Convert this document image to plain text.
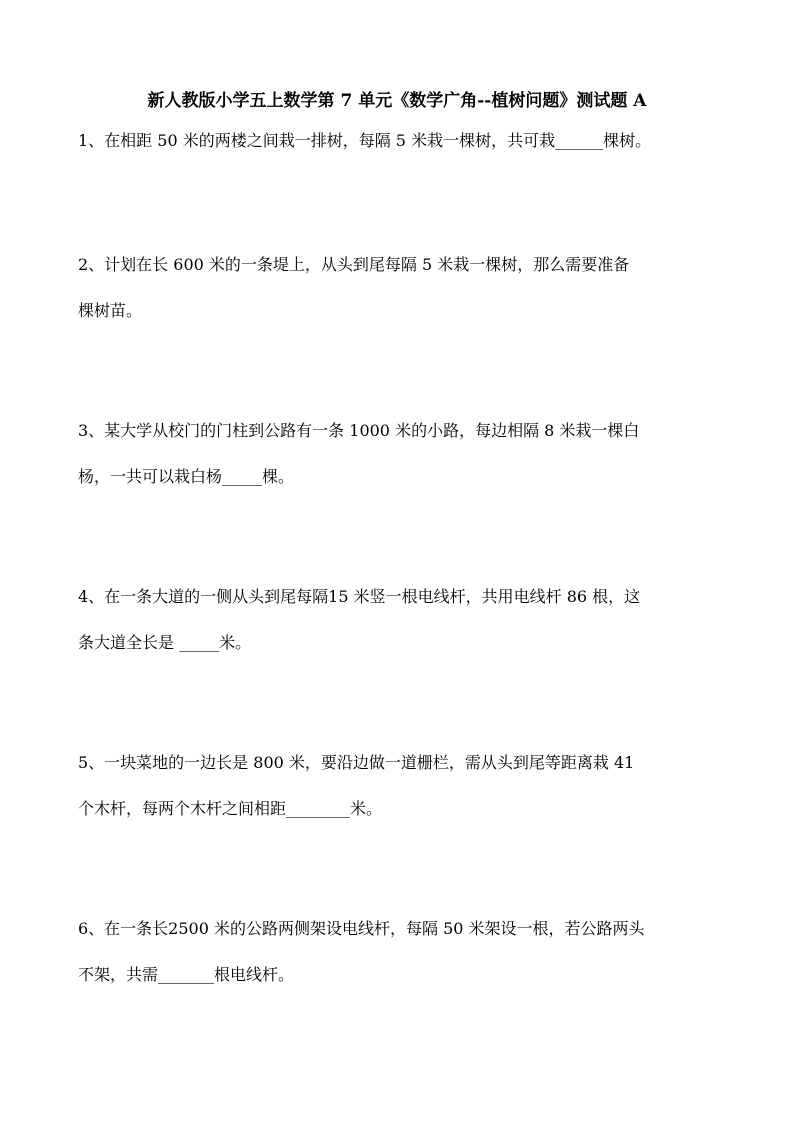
新人教版小学五上数学第 7 单元《数学广角--植树问题》测试题 A
1、在相距 50 米的两楼之间栽一排树，每隔 5 米栽一棵树，共可栽______棵树。
2、计划在长 600 米的一条堤上，从头到尾每隔 5 米栽一棵树，那么需要准备
棵树苗。
3、某大学从校门的门柱到公路有一条 1000 米的小路，每边相隔 8 米栽一棵白
杨，一共可以栽白杨_____棵。
4、在一条大道的一侧从头到尾每隔15 米竖一根电线杆，共用电线杆 86 根，这
条大道全长是 _____米。
5、一块菜地的一边长是 800 米，要沿边做一道栅栏，需从头到尾等距离栽 41
个木杆，每两个木杆之间相距________米。
6、在一条长2500 米的公路两侧架设电线杆，每隔 50 米架设一根，若公路两头
不架，共需_______根电线杆。
